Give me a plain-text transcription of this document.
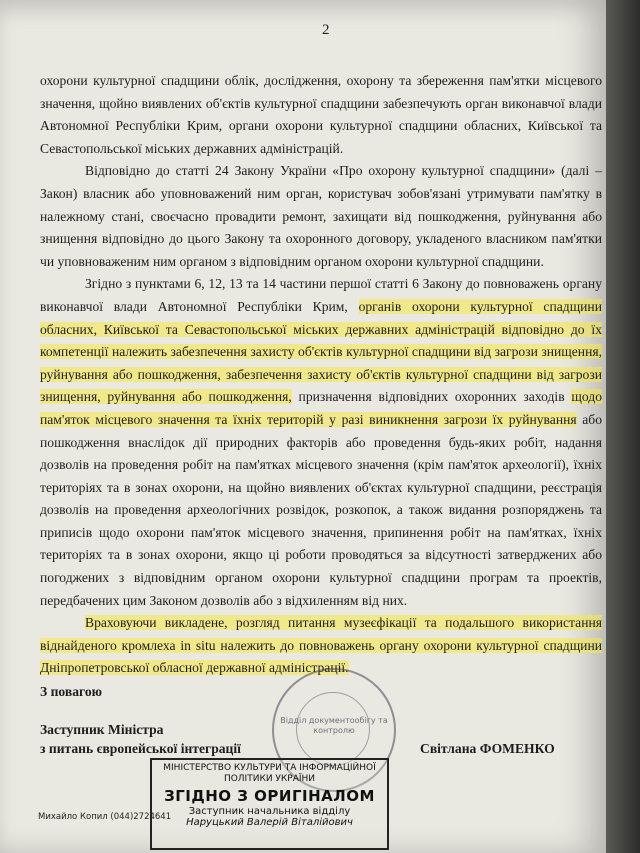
2

охорони культурної спадщини облік, дослідження, охорону та збереження пам'ятки місцевого значення, щойно виявлених об'єктів культурної спадщини забезпечують орган виконавчої влади Автономної Республіки Крим, органи охорони культурної спадщини обласних, Київської та Севастопольської міських державних адміністрацій.

Відповідно до статті 24 Закону України «Про охорону культурної спадщини» (далі – Закон) власник або уповноважений ним орган, користувач зобов'язані утримувати пам'ятку в належному стані, своєчасно провадити ремонт, захищати від пошкодження, руйнування або знищення відповідно до цього Закону та охоронного договору, укладеного власником пам'ятки чи уповноваженим ним органом з відповідним органом охорони культурної спадщини.

Згідно з пунктами 6, 12, 13 та 14 частини першої статті 6 Закону до повноважень органу виконавчої влади Автономної Республіки Крим, органів охорони культурної спадщини обласних, Київської та Севастопольської міських державних адміністрацій відповідно до їх компетенції належить забезпечення захисту об'єктів культурної спадщини від загрози знищення, руйнування або пошкодження, забезпечення захисту об'єктів культурної спадщини від загрози знищення, руйнування або пошкодження, призначення відповідних охоронних заходів щодо пам'яток місцевого значення та їхніх територій у разі виникнення загрози їх руйнування або пошкодження внаслідок дії природних факторів або проведення будь-яких робіт, надання дозволів на проведення робіт на пам'ятках місцевого значення (крім пам'яток археології), їхніх територіях та в зонах охорони, на щойно виявлених об'єктах культурної спадщини, реєстрація дозволів на проведення археологічних розвідок, розкопок, а також видання розпоряджень та приписів щодо охорони пам'яток місцевого значення, припинення робіт на пам'ятках, їхніх територіях та в зонах охорони, якщо ці роботи проводяться за відсутності затверджених або погоджених з відповідним органом охорони культурної спадщини програм та проектів, передбачених цим Законом дозволів або з відхиленням від них.

Враховуючи викладене, розгляд питання музеєфікації та подальшого використання віднайденого кромлеха in situ належить до повноважень органу охорони культурної спадщини Дніпропетровської обласної державної адміністрації.

З повагою
Заступник Міністра
з питань європейської інтеграції	Світлана ФОМЕНКО
Відділ документообігу та контролю
МІНІСТЕРСТВО КУЛЬТУРИ ТА ІНФОРМАЦІЙНОЇ ПОЛІТИКИ УКРАЇНИ
ЗГІДНО З ОРИГІНАЛОМ
Заступник начальника відділу
Наруцький Валерій Віталійович
Михайло Копил (044)2724641
